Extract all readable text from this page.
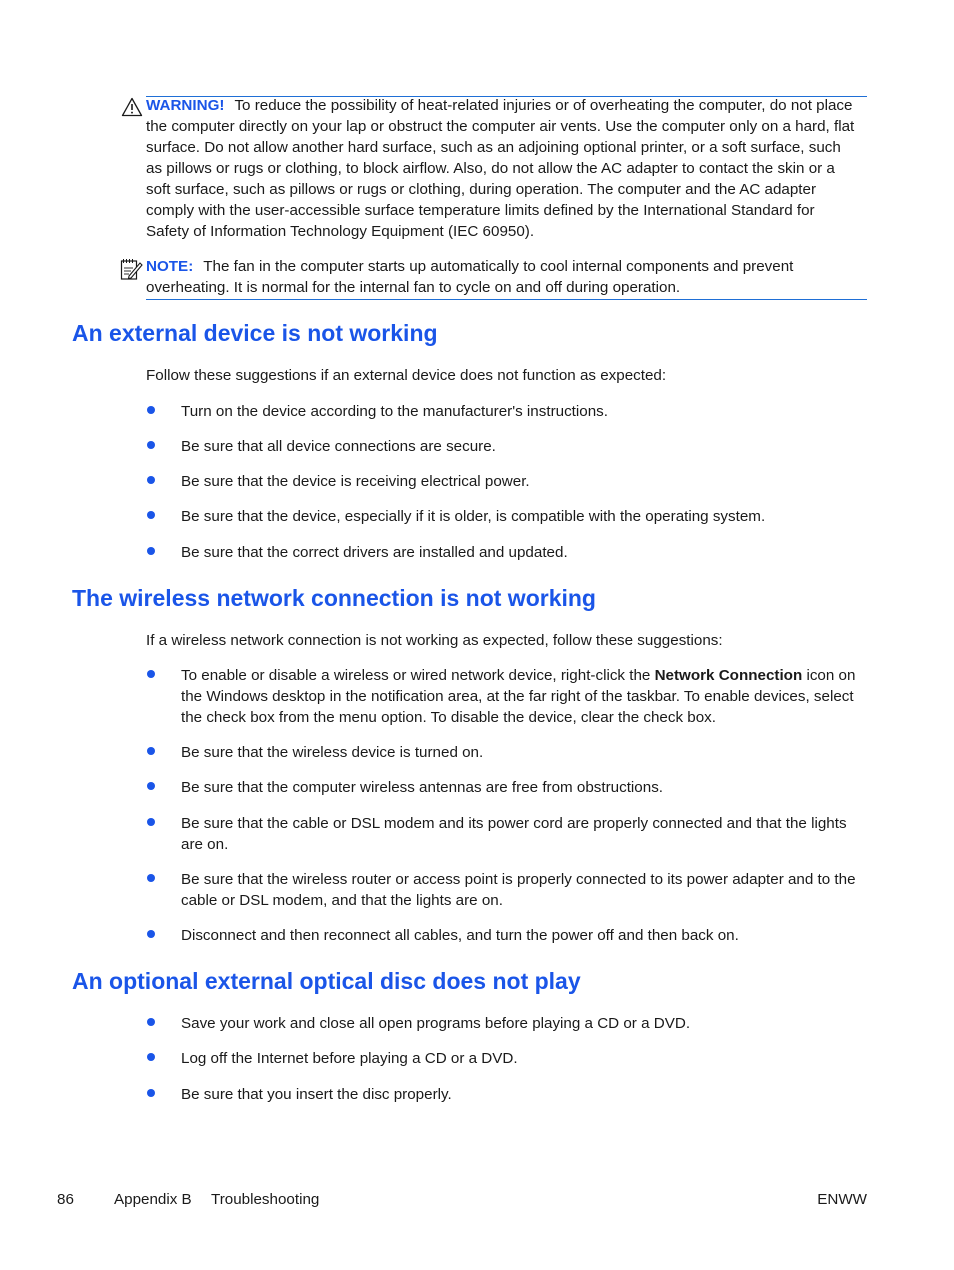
WARNING! To reduce the possibility of heat-related injuries or of overheating the computer, do not place the computer directly on your lap or obstruct the computer air vents. Use the computer only on a hard, flat surface. Do not allow another hard surface, such as an adjoining optional printer, or a soft surface, such as pillows or rugs or clothing, to block airflow. Also, do not allow the AC adapter to contact the skin or a soft surface, such as pillows or rugs or clothing, during operation. The computer and the AC adapter comply with the user-accessible surface temperature limits defined by the International Standard for Safety of Information Technology Equipment (IEC 60950).
NOTE: The fan in the computer starts up automatically to cool internal components and prevent overheating. It is normal for the internal fan to cycle on and off during operation.
An external device is not working
Follow these suggestions if an external device does not function as expected:
Turn on the device according to the manufacturer's instructions.
Be sure that all device connections are secure.
Be sure that the device is receiving electrical power.
Be sure that the device, especially if it is older, is compatible with the operating system.
Be sure that the correct drivers are installed and updated.
The wireless network connection is not working
If a wireless network connection is not working as expected, follow these suggestions:
To enable or disable a wireless or wired network device, right-click the Network Connection icon on the Windows desktop in the notification area, at the far right of the taskbar. To enable devices, select the check box from the menu option. To disable the device, clear the check box.
Be sure that the wireless device is turned on.
Be sure that the computer wireless antennas are free from obstructions.
Be sure that the cable or DSL modem and its power cord are properly connected and that the lights are on.
Be sure that the wireless router or access point is properly connected to its power adapter and to the cable or DSL modem, and that the lights are on.
Disconnect and then reconnect all cables, and turn the power off and then back on.
An optional external optical disc does not play
Save your work and close all open programs before playing a CD or a DVD.
Log off the Internet before playing a CD or a DVD.
Be sure that you insert the disc properly.
86	Appendix B Troubleshooting	ENWW
